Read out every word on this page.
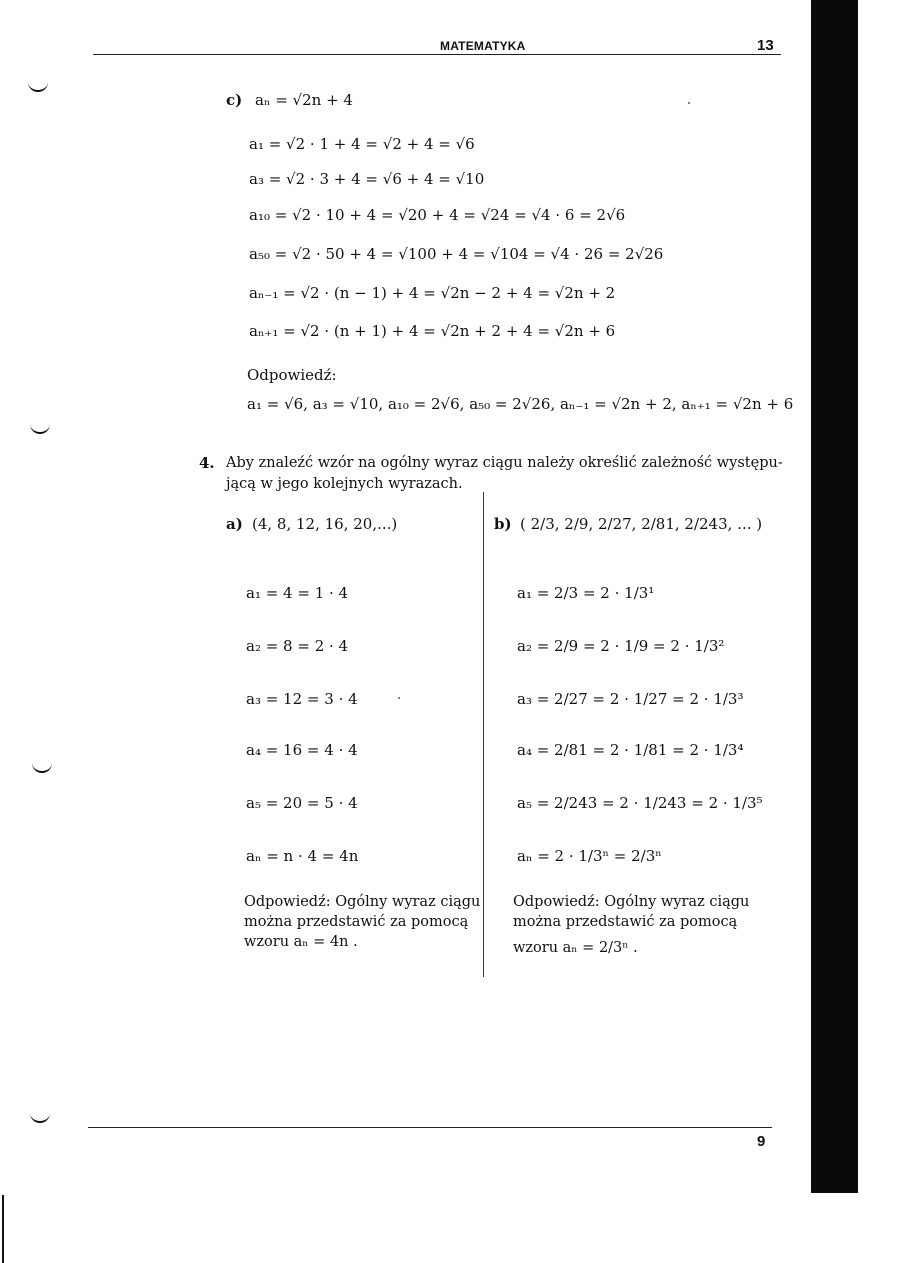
MATEMATYKA	13
9
c) aₙ = √2n + 4
a₁ = √2 · 1 + 4 = √2 + 4 = √6
a₃ = √2 · 3 + 4 = √6 + 4 = √10
a₁₀ = √2 · 10 + 4 = √20 + 4 = √24 = √4 · 6 = 2√6
a₅₀ = √2 · 50 + 4 = √100 + 4 = √104 = √4 · 26 = 2√26
aₙ₋₁ = √2 · (n − 1) + 4 = √2n − 2 + 4 = √2n + 2
aₙ₊₁ = √2 · (n + 1) + 4 = √2n + 2 + 4 = √2n + 6
Odpowiedź:
a₁ = √6, a₃ = √10, a₁₀ = 2√6, a₅₀ = 2√26, aₙ₋₁ = √2n + 2, aₙ₊₁ = √2n + 6
4. Aby znaleźć wzór na ogólny wyraz ciągu należy określić zależność występu-
jącą w jego kolejnych wyrazach.
a) (4, 8, 12, 16, 20,...)
a₁ = 4 = 1 · 4
a₂ = 8 = 2 · 4
a₃ = 12 = 3 · 4
a₄ = 16 = 4 · 4
a₅ = 20 = 5 · 4
aₙ = n · 4 = 4n
Odpowiedź: Ogólny wyraz ciągu
można przedstawić za pomocą
wzoru aₙ = 4n .
b) ( 2/3, 2/9, 2/27, 2/81, 2/243, ... )
a₁ = 2/3 = 2 · 1/3¹
a₂ = 2/9 = 2 · 1/9 = 2 · 1/3²
a₃ = 2/27 = 2 · 1/27 = 2 · 1/3³
a₄ = 2/81 = 2 · 1/81 = 2 · 1/3⁴
a₅ = 2/243 = 2 · 1/243 = 2 · 1/3⁵
aₙ = 2 · 1/3ⁿ = 2/3ⁿ
Odpowiedź: Ogólny wyraz ciągu
można przedstawić za pomocą
wzoru aₙ = 2/3ⁿ .
